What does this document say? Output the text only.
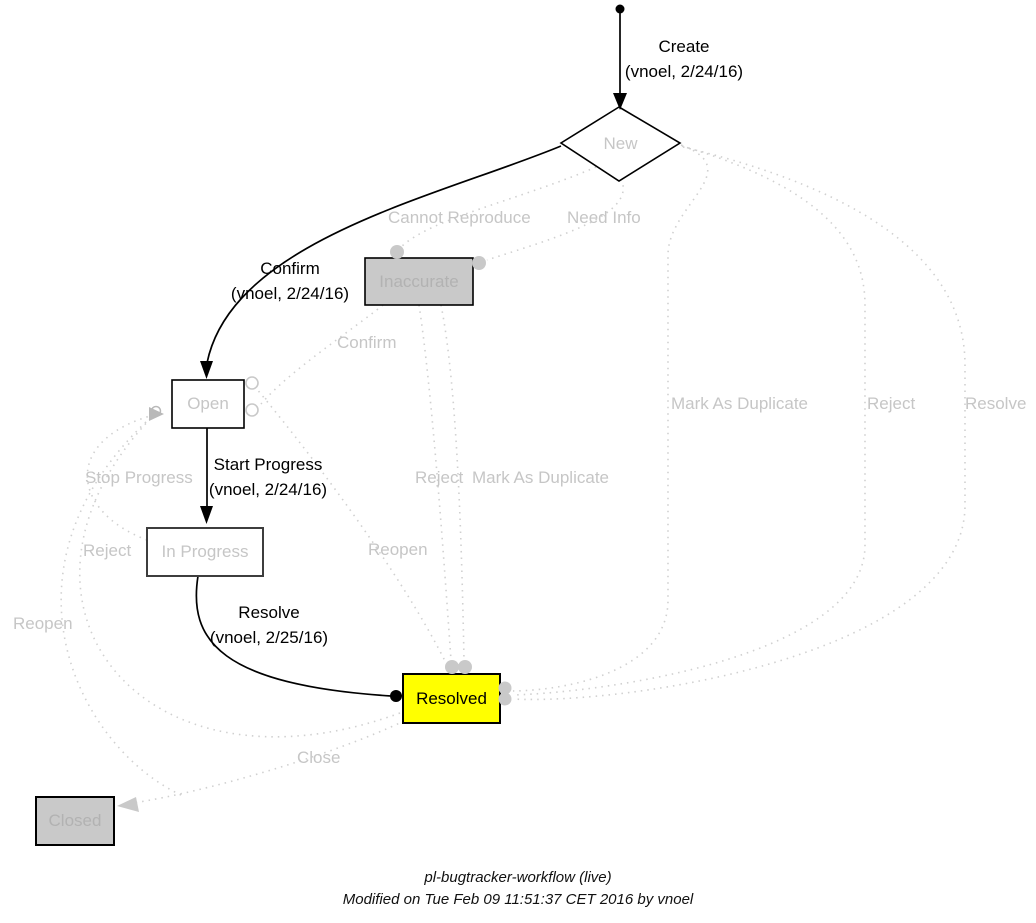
New
Inaccurate
Open
In Progress
Resolved
Closed
Create
(vnoel, 2/24/16)
Confirm
(vnoel, 2/24/16)
Start Progress
(vnoel, 2/24/16)
Resolve
(vnoel, 2/25/16)
Cannot Reproduce Need Info
Confirm
Mark As Duplicate	Reject	Resolve
Reject Mark As Duplicate
Reopen
Stop Progress
Reject
Reopen
Close
pl-bugtracker-workflow (live)
Modified on Tue Feb 09 11:51:37 CET 2016 by vnoel
